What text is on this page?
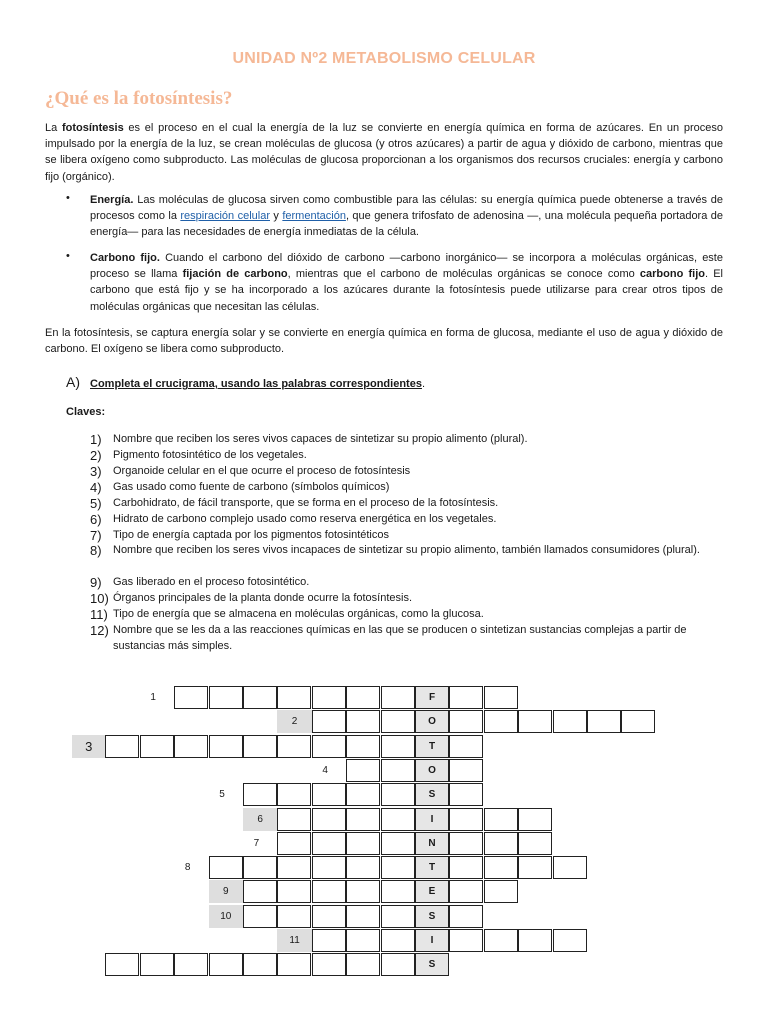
UNIDAD Nº2 METABOLISMO CELULAR
¿Qué es la fotosíntesis?
La fotosíntesis es el proceso en el cual la energía de la luz se convierte en energía química en forma de azúcares. En un proceso impulsado por la energía de la luz, se crean moléculas de glucosa (y otros azúcares) a partir de agua y dióxido de carbono, mientras que se libera oxígeno como subproducto. Las moléculas de glucosa proporcionan a los organismos dos recursos cruciales: energía y carbono fijo (orgánico).
• Energía. Las moléculas de glucosa sirven como combustible para las células: su energía química puede obtenerse a través de procesos como la respiración celular y fermentación, que genera trifosfato de adenosina —, una molécula pequeña portadora de energía— para las necesidades de energía inmediatas de la célula.
• Carbono fijo. Cuando el carbono del dióxido de carbono —carbono inorgánico— se incorpora a moléculas orgánicas, este proceso se llama fijación de carbono, mientras que el carbono de moléculas orgánicas se conoce como carbono fijo. El carbono que está fijo y se ha incorporado a los azúcares durante la fotosíntesis puede utilizarse para crear otros tipos de moléculas orgánicas que necesitan las células.
En la fotosíntesis, se captura energía solar y se convierte en energía química en forma de glucosa, mediante el uso de agua y dióxido de carbono. El oxígeno se libera como subproducto.
A) Completa el crucigrama, usando las palabras correspondientes.
Claves:
1) Nombre que reciben los seres vivos capaces de sintetizar su propio alimento (plural).
2) Pigmento fotosintético de los vegetales.
3) Organoide celular en el que ocurre el proceso de fotosíntesis
4) Gas usado como fuente de carbono (símbolos químicos)
5) Carbohidrato, de fácil transporte, que se forma en el proceso de la fotosíntesis.
6) Hidrato de carbono complejo usado como reserva energética en los vegetales.
7) Tipo de energía captada por los pigmentos fotosintéticos
8) Nombre que reciben los seres vivos incapaces de sintetizar su propio alimento, también llamados consumidores (plural).
9) Gas liberado en el proceso fotosintético.
10) Órganos principales de la planta donde ocurre la fotosíntesis.
11) Tipo de energía que se almacena en moléculas orgánicas, como la glucosa.
12) Nombre que se les da a las reacciones químicas en las que se producen o sintetizan sustancias complejas a partir de sustancias más simples.
F
1
O
2
T
3
O
4
S
5
I
6
N
7
T
8
E
9
S
10
I
11
S
